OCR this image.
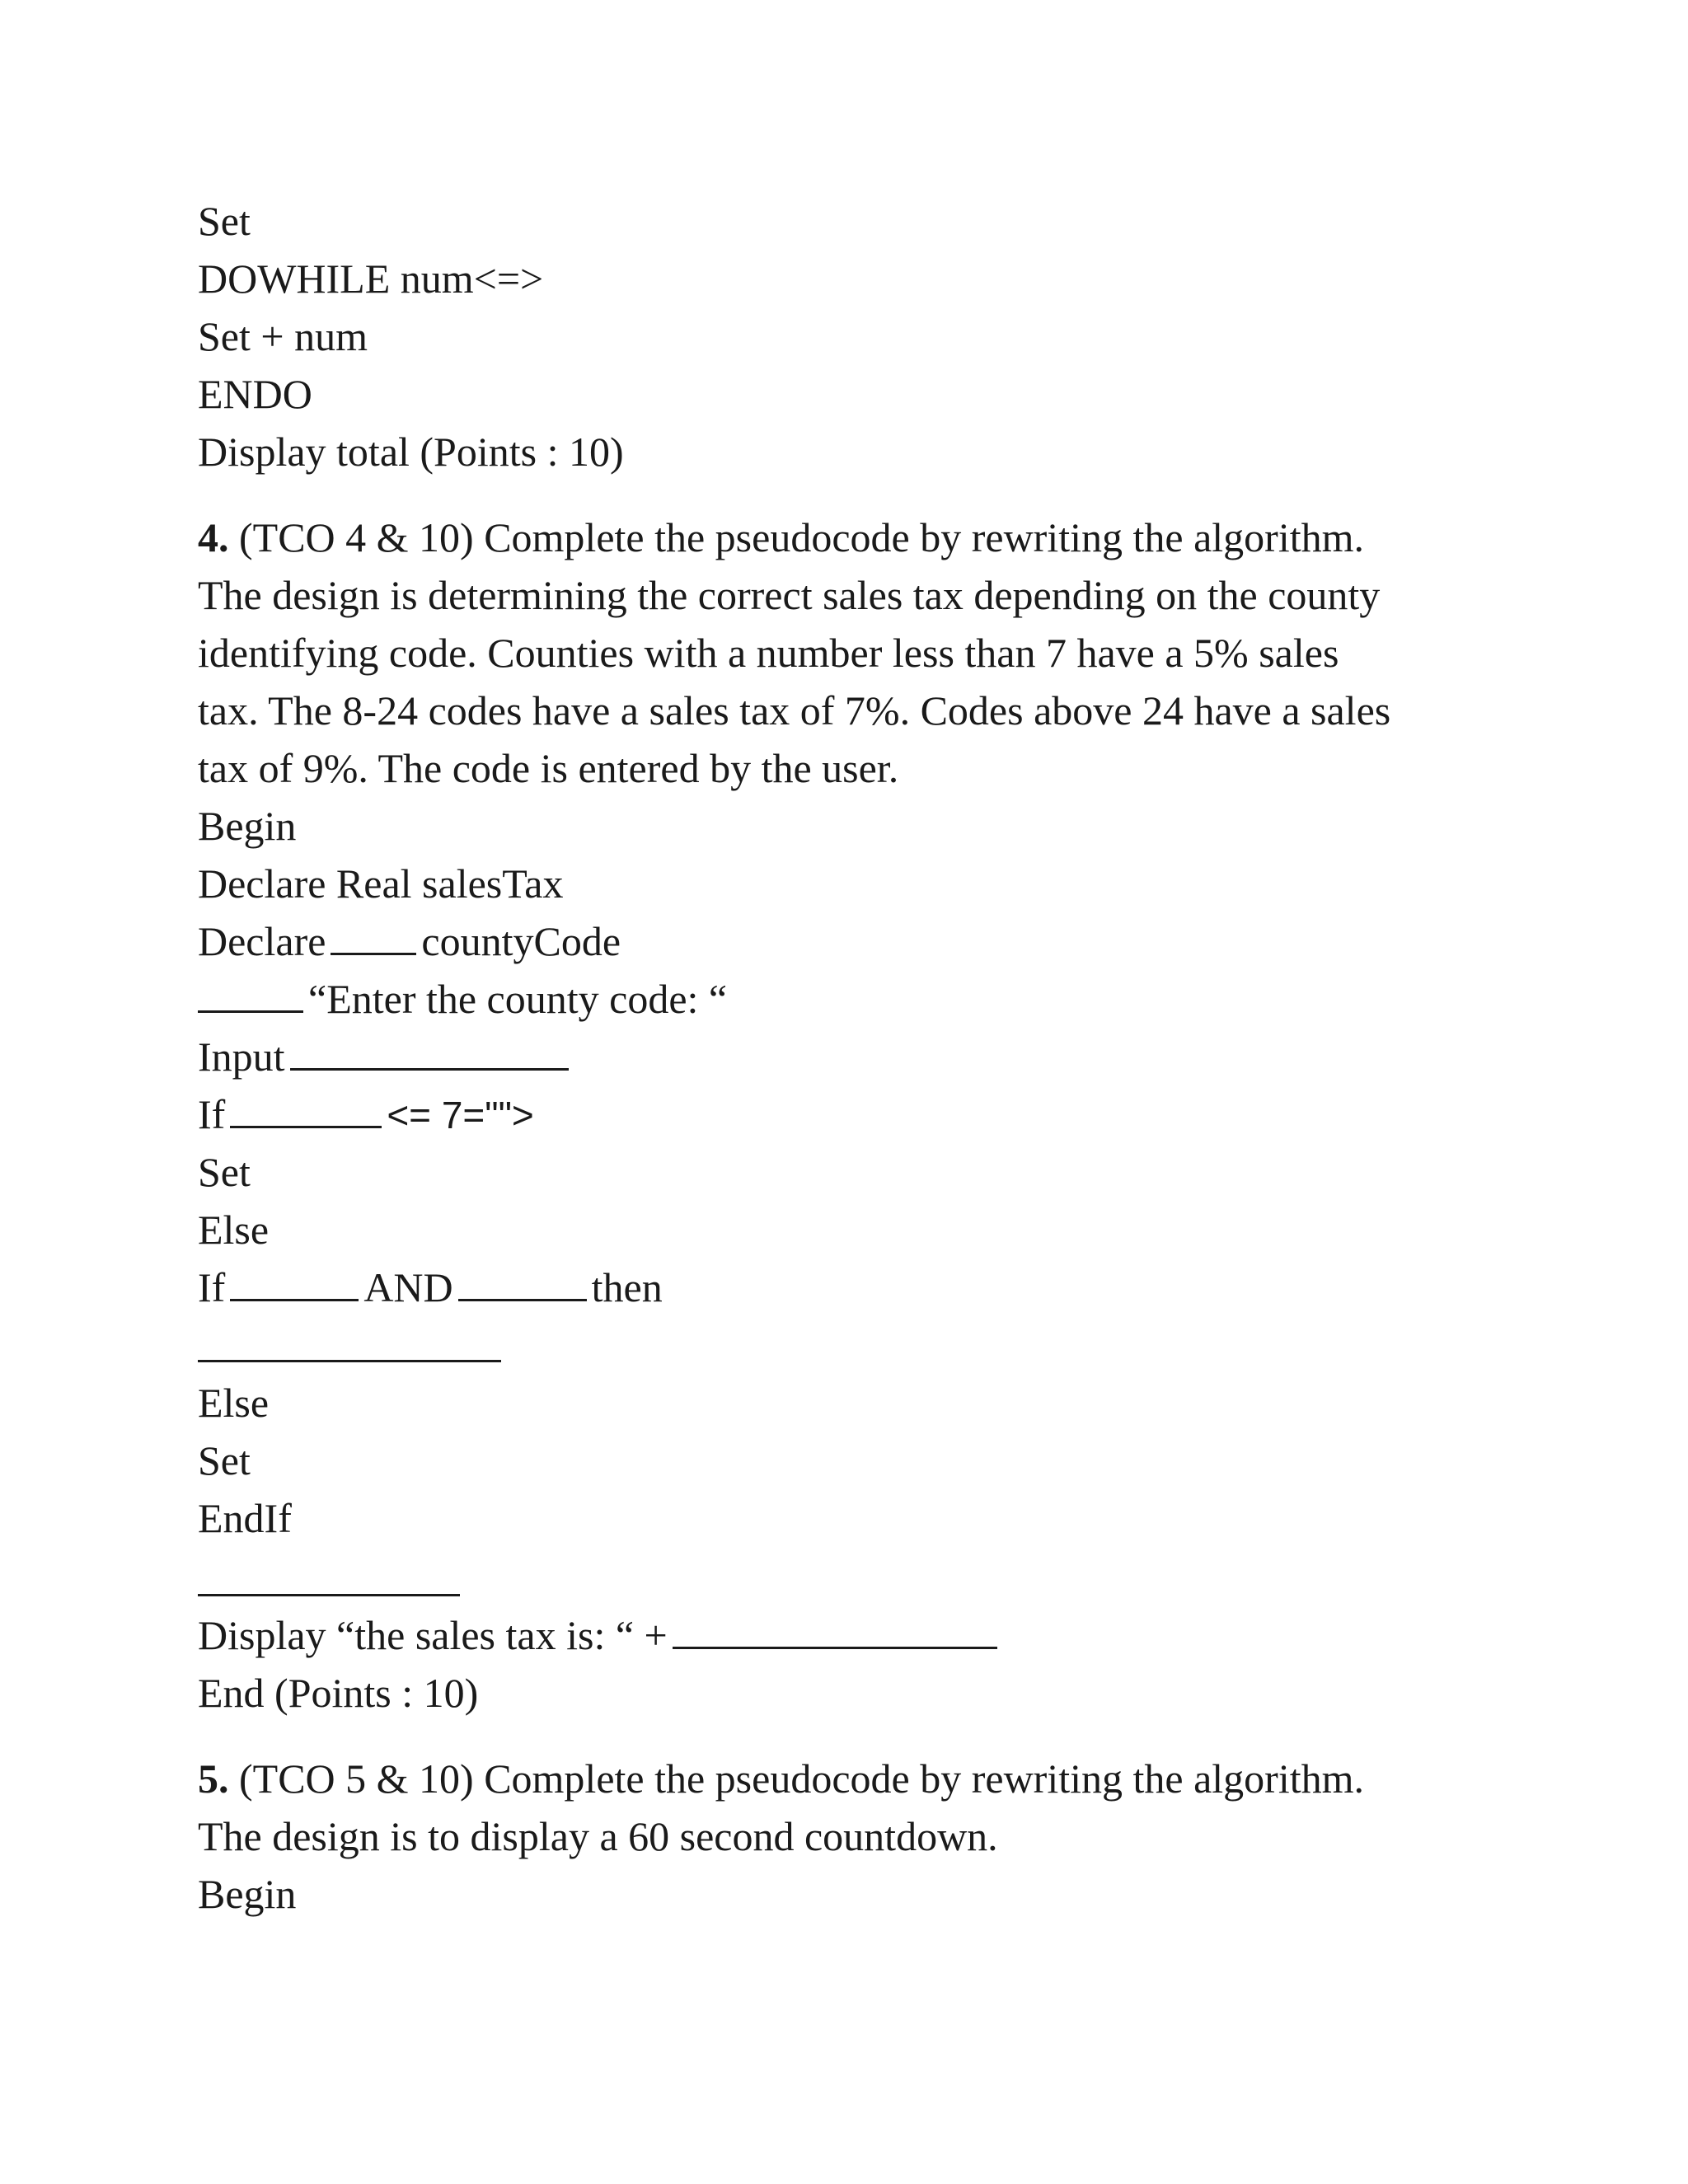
Set

DOWHILE num<=>

Set + num

ENDO

Display total (Points : 10)

4. (TCO 4 & 10) Complete the pseudocode by rewriting the algorithm.

The design is determining the correct sales tax depending on the county

identifying code. Counties with a number less than 7 have a 5% sales

tax. The 8-24 codes have a sales tax of 7%. Codes above 24 have a sales

tax of 9%. The code is entered by the user.

Begin

Declare Real salesTax

Declare countyCode

“Enter the county code: “

Input

If	<= 7="">

Set

Else

If	AND	then

Else

Set

EndIf

Display “the sales tax is: “ +

End (Points : 10)

5. (TCO 5 & 10) Complete the pseudocode by rewriting the algorithm.

The design is to display a 60 second countdown.

Begin
